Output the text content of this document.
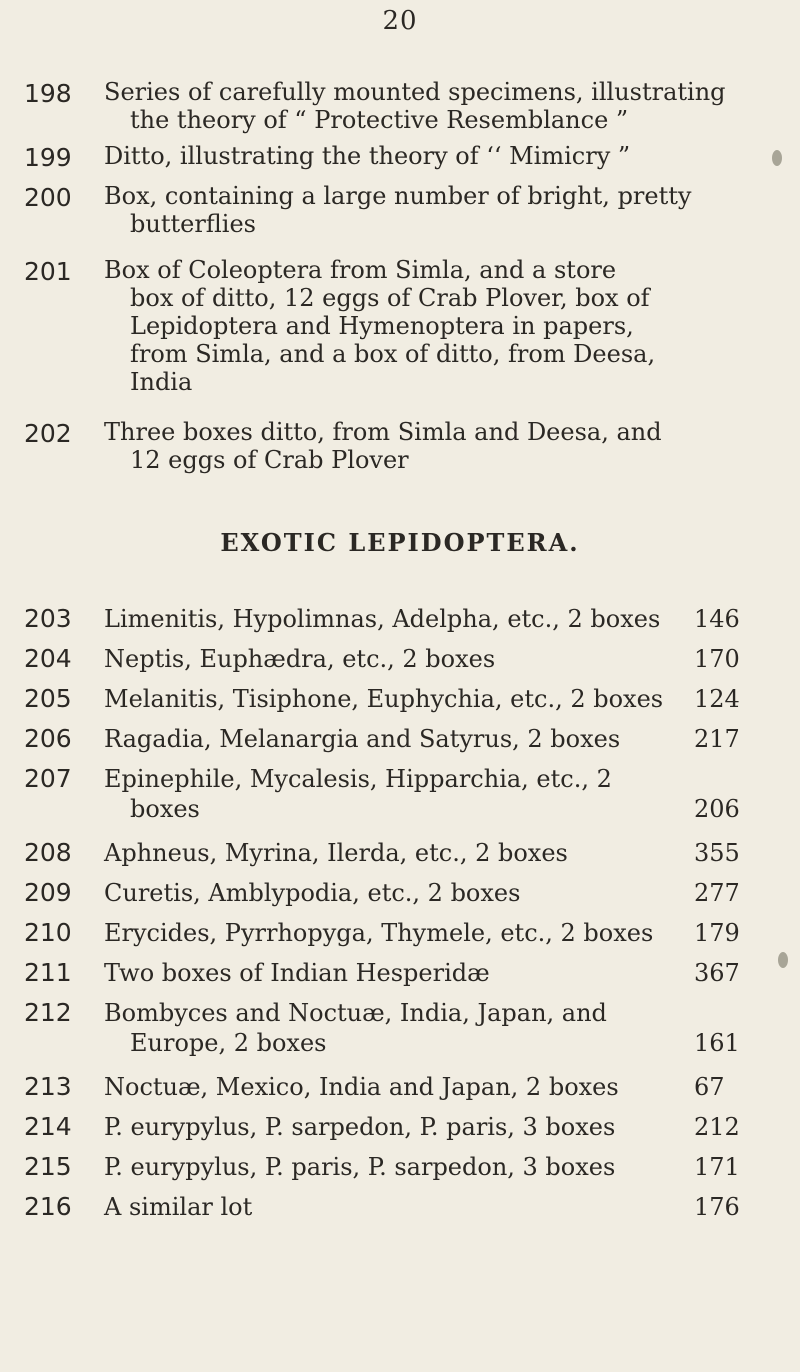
20
198	Series of carefully mounted specimens, illustrating
the theory of “ Protective Resemblance ”
199	Ditto, illustrating the theory of ‘‘ Mimicry ”
200	Box, containing a large number of bright, pretty
butterflies
201	Box of Coleoptera from Simla, and a store
box of ditto, 12 eggs of Crab Plover, box of
Lepidoptera and Hymenoptera in papers,
from Simla, and a box of ditto, from Deesa,
India
202	Three boxes ditto, from Simla and Deesa, and
12 eggs of Crab Plover
EXOTIC LEPIDOPTERA.
203	Limenitis, Hypolimnas, Adelpha, etc., 2 boxes	146
204	Neptis, Euphædra, etc., 2 boxes	170
205	Melanitis, Tisiphone, Euphychia, etc., 2 boxes	124
206	Ragadia, Melanargia and Satyrus, 2 boxes	217
207	Epinephile, Mycalesis, Hipparchia, etc., 2
boxes	206
208	Aphneus, Myrina, Ilerda, etc., 2 boxes	355
209	Curetis, Amblypodia, etc., 2 boxes	277
210	Erycides, Pyrrhopyga, Thymele, etc., 2 boxes	179
211	Two boxes of Indian Hesperidæ	367
212	Bombyces and Noctuæ, India, Japan, and
Europe, 2 boxes	161
213	Noctuæ, Mexico, India and Japan, 2 boxes	67
214	P. eurypylus, P. sarpedon, P. paris, 3 boxes	212
215	P. eurypylus, P. paris, P. sarpedon, 3 boxes	171
216	A similar lot	176
